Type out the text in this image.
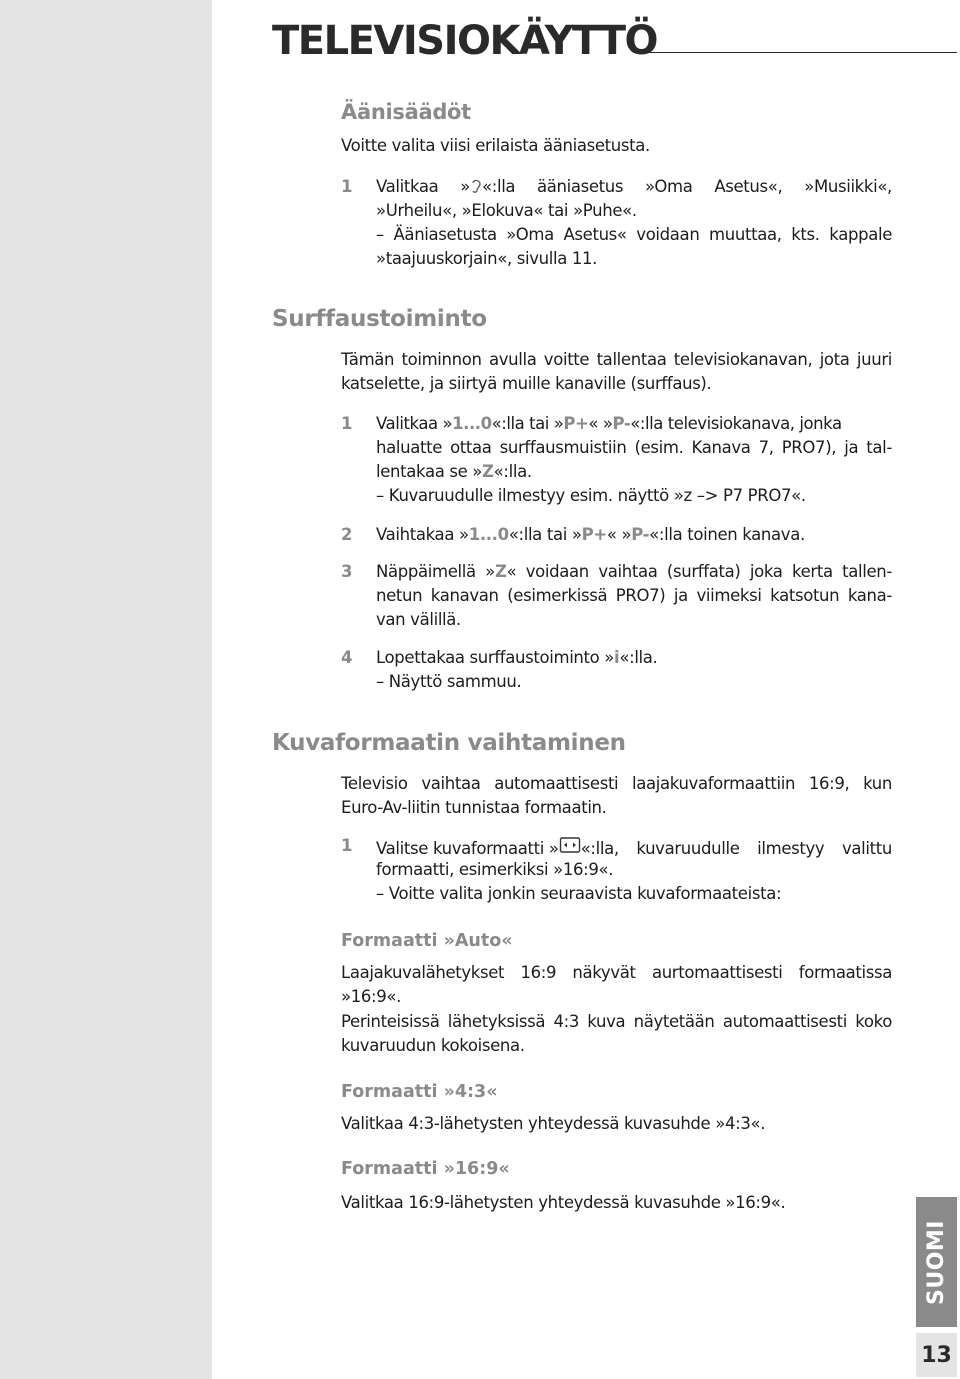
TELEVISIOKÄYTTÖ
Äänisäädöt

Voitte valita viisi erilaista ääniasetusta.

1 Valitkaa » «:lla ääniasetus »Oma Asetus«, »Musiikki«,

»Urheilu«, »Elokuva« tai »Puhe«.

– Ääniasetusta »Oma Asetus« voidaan muuttaa, kts. kappale

»taajuuskorjain«, sivulla 11.

Surffaustoiminto

Tämän toiminnon avulla voitte tallentaa televisiokanavan, jota juuri

katselette, ja siirtyä muille kanaville (surffaus).

1 Valitkaa »1...0«:lla tai »P+« »P-«:lla televisiokanava, jonka

haluatte ottaa surffausmuistiin (esim. Kanava 7, PRO7), ja tal-

lentakaa se »Z«:lla.

– Kuvaruudulle ilmestyy esim. näyttö »z –> P7 PRO7«.

2 Vaihtakaa »1...0«:lla tai »P+« »P-«:lla toinen kanava.

3 Näppäimellä »Z« voidaan vaihtaa (surffata) joka kerta tallen-

netun kanavan (esimerkissä PRO7) ja viimeksi katsotun kana-

van välillä.

4 Lopettakaa surffaustoiminto »i«:lla.

– Näyttö sammuu.

Kuvaformaatin vaihtaminen

Televisio vaihtaa automaattisesti laajakuvaformaattiin 16:9, kun

Euro-Av-liitin tunnistaa formaatin.

1 Valitse kuvaformaatti » «:lla, kuvaruudulle ilmestyy valittu

formaatti, esimerkiksi »16:9«.

– Voitte valita jonkin seuraavista kuvaformaateista:

Formaatti »Auto«

Laajakuvalähetykset 16:9 näkyvät aurtomaattisesti formaatissa

»16:9«.

Perinteisissä lähetyksissä 4:3 kuva näytetään automaattisesti koko

kuvaruudun kokoisena.

Formaatti »4:3«

Valitkaa 4:3-lähetysten yhteydessä kuvasuhde »4:3«.

Formaatti »16:9«

Valitkaa 16:9-lähetysten yhteydessä kuvasuhde »16:9«.

SUOMI
13
